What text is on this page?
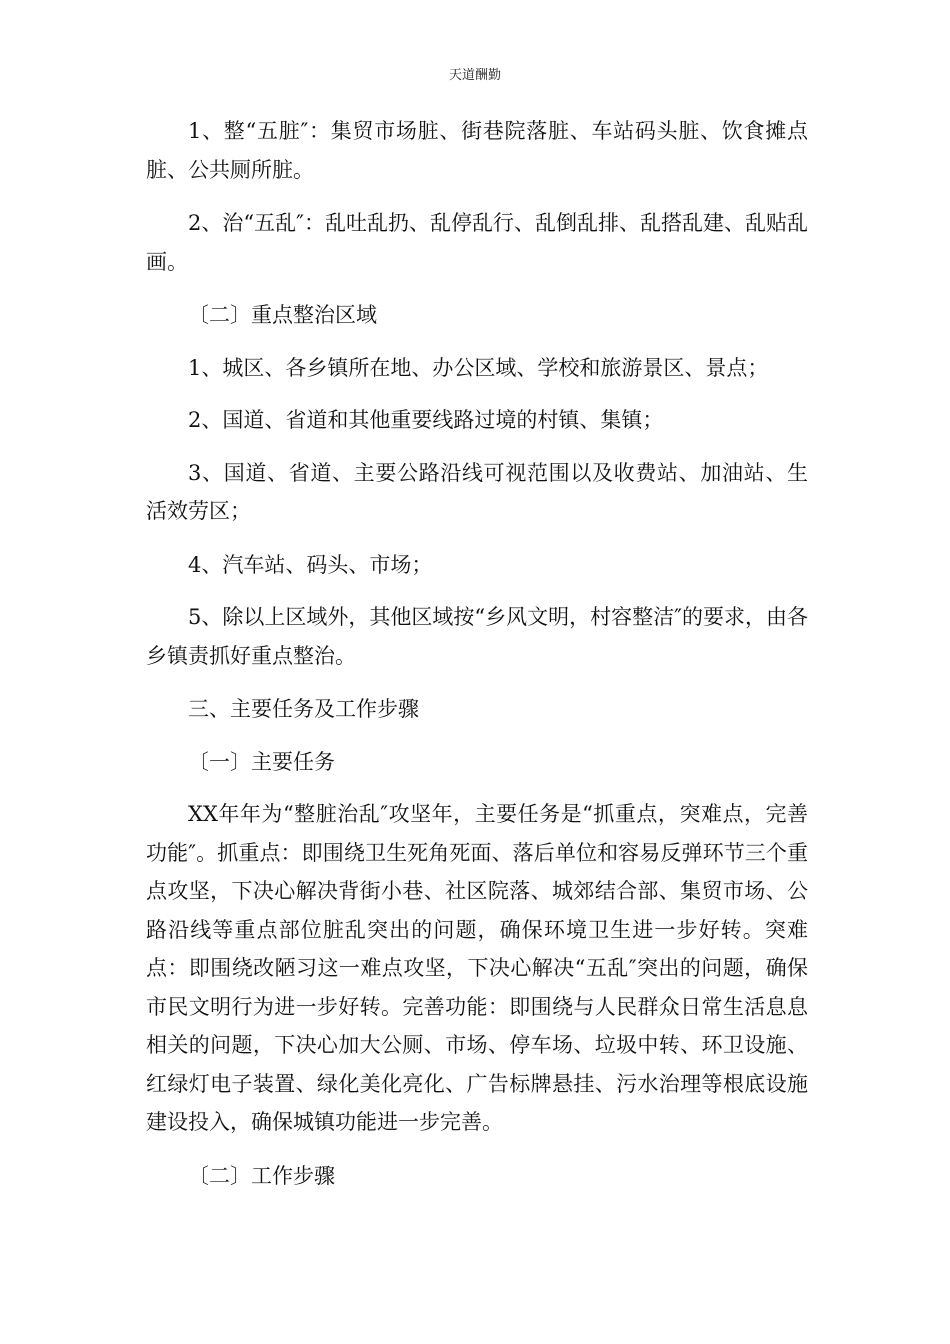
天道酬勤

1、整“五脏″：集贸市场脏、街巷院落脏、车站码头脏、饮食摊点脏、公共厕所脏。

2、治“五乱″：乱吐乱扔、乱停乱行、乱倒乱排、乱搭乱建、乱贴乱画。

〔二〕重点整治区域

1、城区、各乡镇所在地、办公区域、学校和旅游景区、景点；

2、国道、省道和其他重要线路过境的村镇、集镇；

3、国道、省道、主要公路沿线可视范围以及收费站、加油站、生活效劳区；

4、汽车站、码头、市场；

5、除以上区域外，其他区域按“乡风文明，村容整洁″的要求，由各乡镇责抓好重点整治。

三、主要任务及工作步骤

〔一〕主要任务

XX年年为“整脏治乱″攻坚年，主要任务是“抓重点，突难点，完善功能″。抓重点：即围绕卫生死角死面、落后单位和容易反弹环节三个重点攻坚，下决心解决背街小巷、社区院落、城郊结合部、集贸市场、公路沿线等重点部位脏乱突出的问题，确保环境卫生进一步好转。突难点：即围绕改陋习这一难点攻坚，下决心解决“五乱″突出的问题，确保市民文明行为进一步好转。完善功能：即围绕与人民群众日常生活息息相关的问题，下决心加大公厕、市场、停车场、垃圾中转、环卫设施、红绿灯电子装置、绿化美化亮化、广告标牌悬挂、污水治理等根底设施建设投入，确保城镇功能进一步完善。

〔二〕工作步骤
